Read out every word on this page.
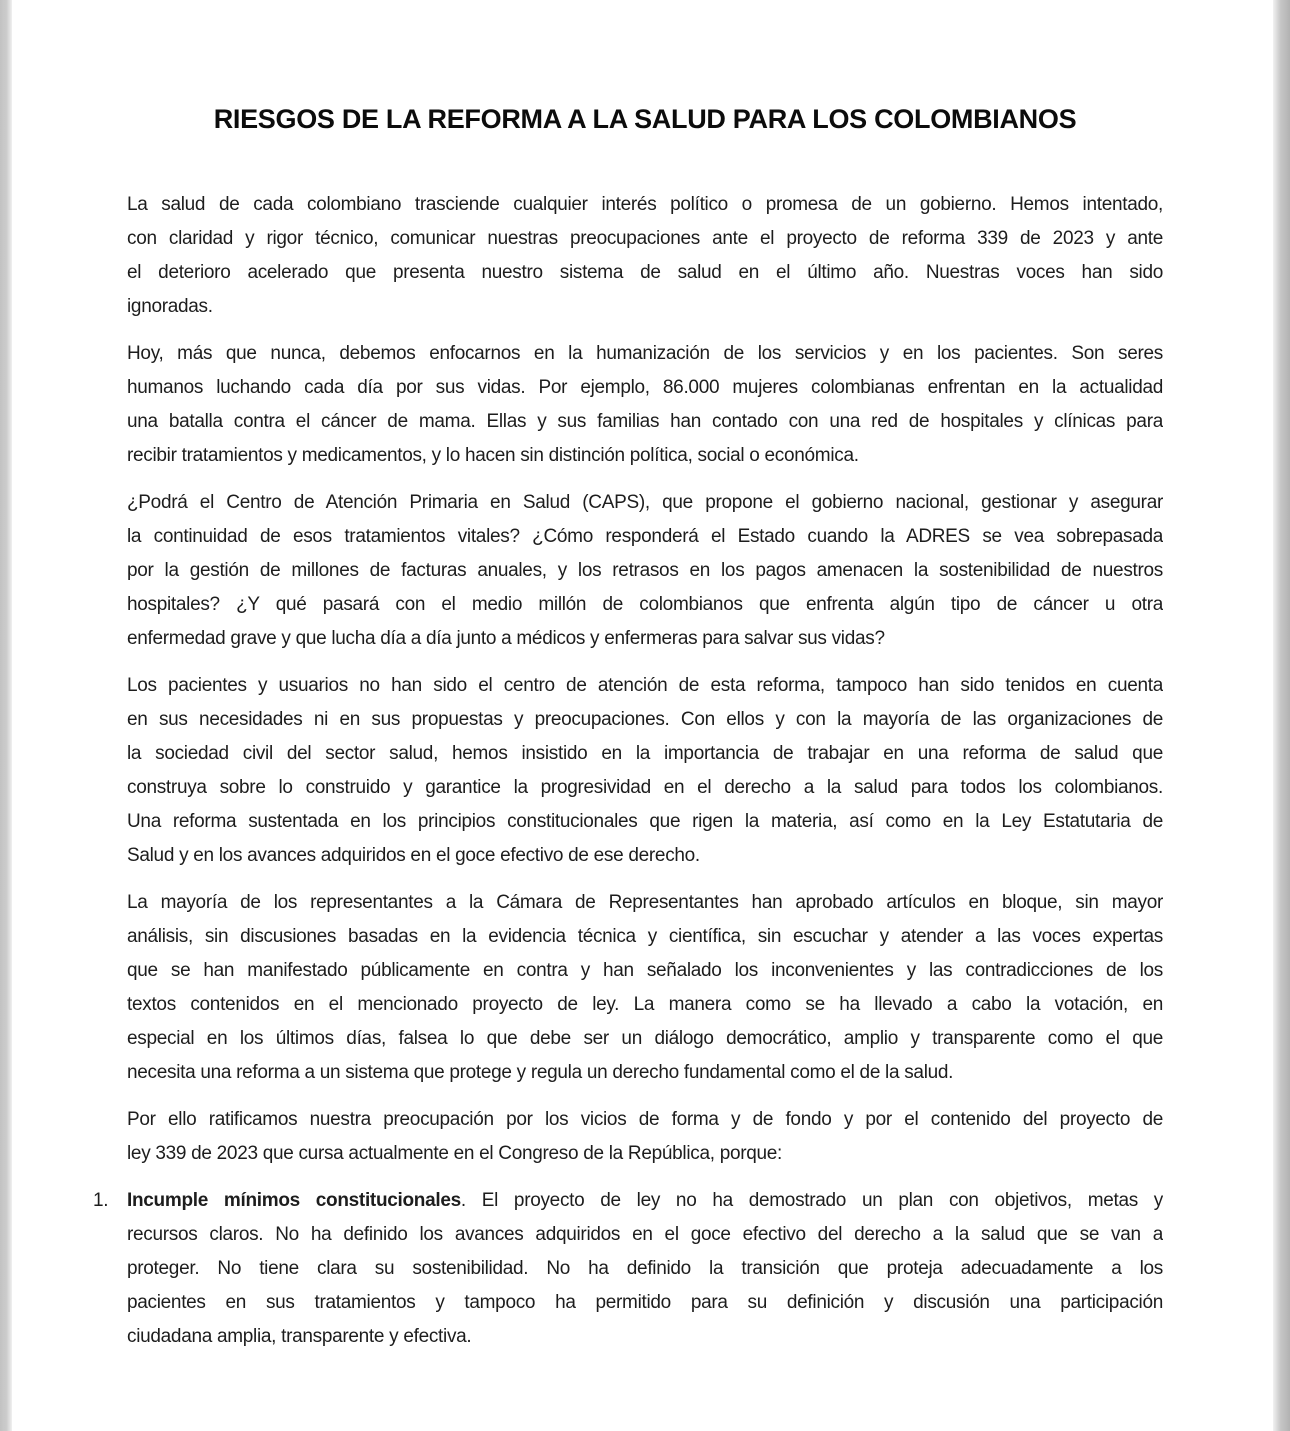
RIESGOS DE LA REFORMA A LA SALUD PARA LOS COLOMBIANOS
La salud de cada colombiano trasciende cualquier interés político o promesa de un gobierno. Hemos intentado,
con claridad y rigor técnico, comunicar nuestras preocupaciones ante el proyecto de reforma 339 de 2023 y ante
el deterioro acelerado que presenta nuestro sistema de salud en el último año. Nuestras voces han sido
ignoradas.
Hoy, más que nunca, debemos enfocarnos en la humanización de los servicios y en los pacientes. Son seres
humanos luchando cada día por sus vidas. Por ejemplo, 86.000 mujeres colombianas enfrentan en la actualidad
una batalla contra el cáncer de mama. Ellas y sus familias han contado con una red de hospitales y clínicas para
recibir tratamientos y medicamentos, y lo hacen sin distinción política, social o económica.
¿Podrá el Centro de Atención Primaria en Salud (CAPS), que propone el gobierno nacional, gestionar y asegurar
la continuidad de esos tratamientos vitales? ¿Cómo responderá el Estado cuando la ADRES se vea sobrepasada
por la gestión de millones de facturas anuales, y los retrasos en los pagos amenacen la sostenibilidad de nuestros
hospitales? ¿Y qué pasará con el medio millón de colombianos que enfrenta algún tipo de cáncer u otra
enfermedad grave y que lucha día a día junto a médicos y enfermeras para salvar sus vidas?
Los pacientes y usuarios no han sido el centro de atención de esta reforma, tampoco han sido tenidos en cuenta
en sus necesidades ni en sus propuestas y preocupaciones. Con ellos y con la mayoría de las organizaciones de
la sociedad civil del sector salud, hemos insistido en la importancia de trabajar en una reforma de salud que
construya sobre lo construido y garantice la progresividad en el derecho a la salud para todos los colombianos.
Una reforma sustentada en los principios constitucionales que rigen la materia, así como en la Ley Estatutaria de
Salud y en los avances adquiridos en el goce efectivo de ese derecho.
La mayoría de los representantes a la Cámara de Representantes han aprobado artículos en bloque, sin mayor
análisis, sin discusiones basadas en la evidencia técnica y científica, sin escuchar y atender a las voces expertas
que se han manifestado públicamente en contra y han señalado los inconvenientes y las contradicciones de los
textos contenidos en el mencionado proyecto de ley. La manera como se ha llevado a cabo la votación, en
especial en los últimos días, falsea lo que debe ser un diálogo democrático, amplio y transparente como el que
necesita una reforma a un sistema que protege y regula un derecho fundamental como el de la salud.
Por ello ratificamos nuestra preocupación por los vicios de forma y de fondo y por el contenido del proyecto de
ley 339 de 2023 que cursa actualmente en el Congreso de la República, porque:
1. Incumple mínimos constitucionales. El proyecto de ley no ha demostrado un plan con objetivos, metas y
recursos claros. No ha definido los avances adquiridos en el goce efectivo del derecho a la salud que se van a
proteger. No tiene clara su sostenibilidad. No ha definido la transición que proteja adecuadamente a los
pacientes en sus tratamientos y tampoco ha permitido para su definición y discusión una participación
ciudadana amplia, transparente y efectiva.
